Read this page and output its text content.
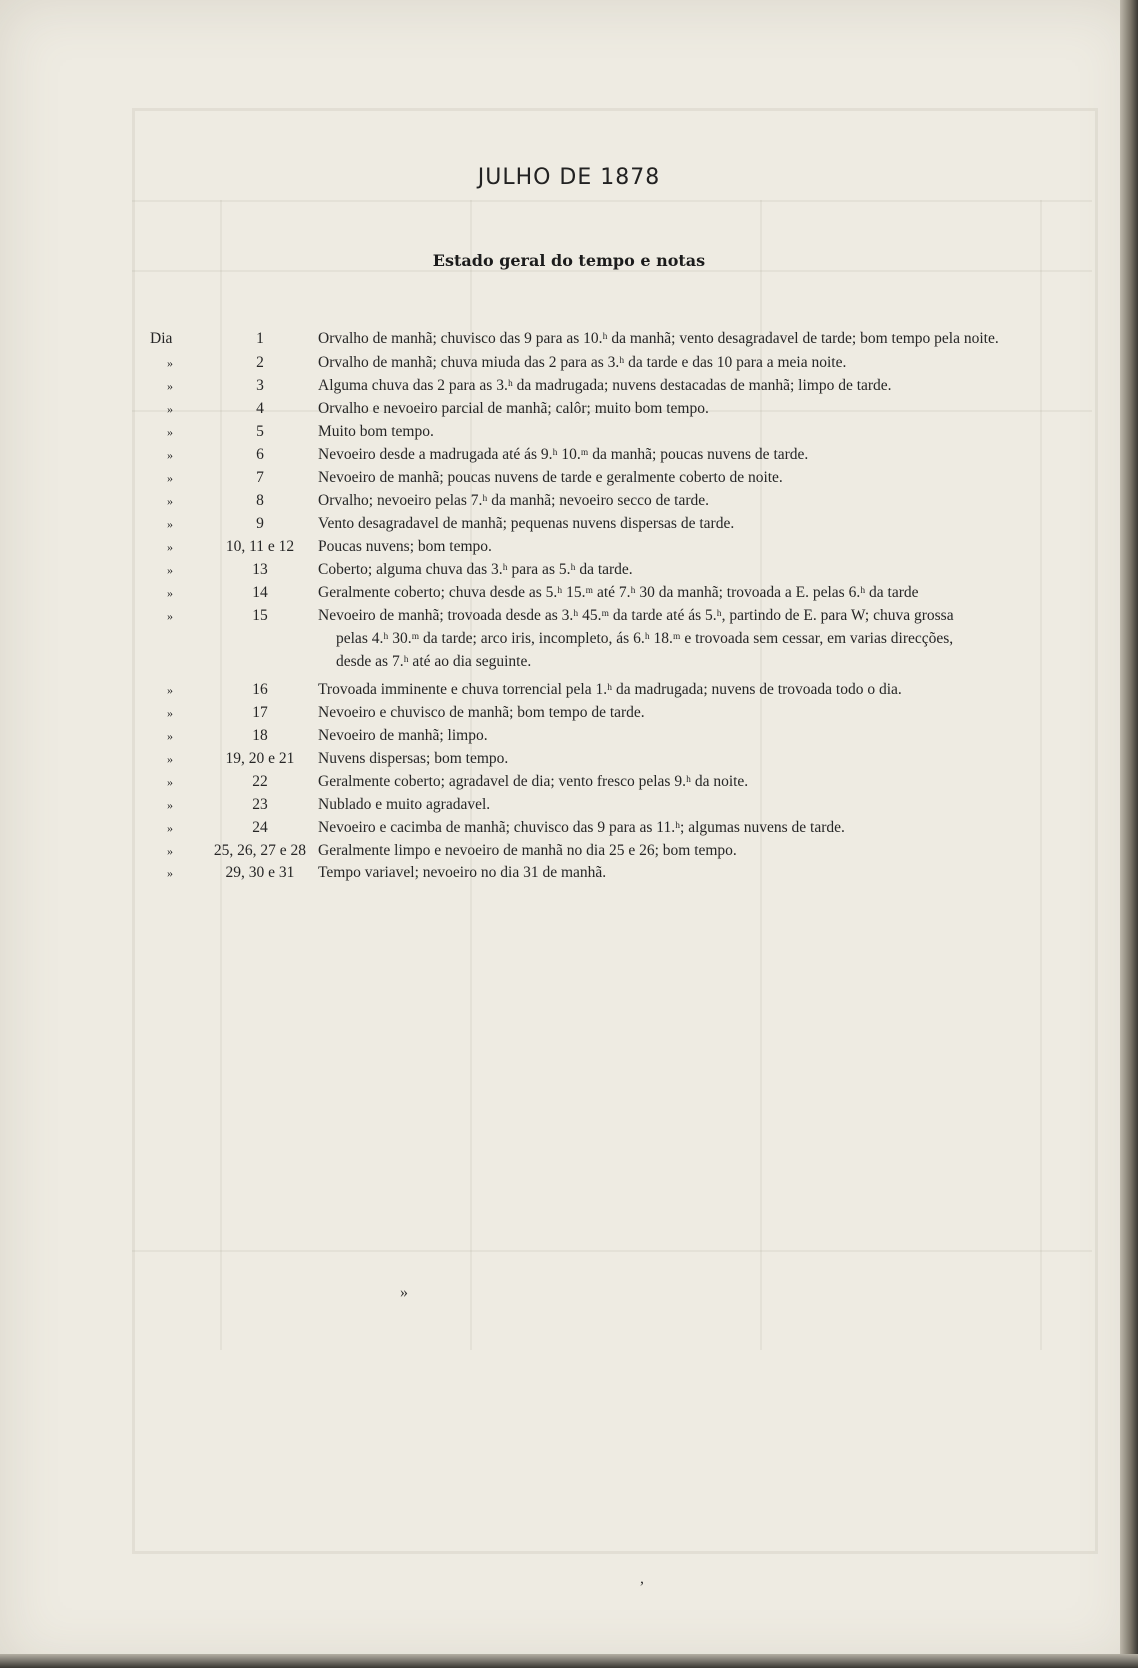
JULHO DE 1878
Estado geral do tempo e notas
Dia	1	Orvalho de manhã; chuvisco das 9 para as 10.ʰ da manhã; vento desagradavel de tarde; bom tempo pela noite.
»	2	Orvalho de manhã; chuva miuda das 2 para as 3.ʰ da tarde e das 10 para a meia noite.
»	3	Alguma chuva das 2 para as 3.ʰ da madrugada; nuvens destacadas de manhã; limpo de tarde.
»	4	Orvalho e nevoeiro parcial de manhã; calôr; muito bom tempo.
»	5	Muito bom tempo.
»	6	Nevoeiro desde a madrugada até ás 9.ʰ 10.ᵐ da manhã; poucas nuvens de tarde.
»	7	Nevoeiro de manhã; poucas nuvens de tarde e geralmente coberto de noite.
»	8	Orvalho; nevoeiro pelas 7.ʰ da manhã; nevoeiro secco de tarde.
»	9	Vento desagradavel de manhã; pequenas nuvens dispersas de tarde.
»	10, 11 e 12	Poucas nuvens; bom tempo.
»	13	Coberto; alguma chuva das 3.ʰ para as 5.ʰ da tarde.
»	14	Geralmente coberto; chuva desde as 5.ʰ 15.ᵐ até 7.ʰ 30 da manhã; trovoada a E. pelas 6.ʰ da tarde
»	15	Nevoeiro de manhã; trovoada desde as 3.ʰ 45.ᵐ da tarde até ás 5.ʰ, partindo de E. para W; chuva grossa
pelas 4.ʰ 30.ᵐ da tarde; arco iris, incompleto, ás 6.ʰ 18.ᵐ e trovoada sem cessar, em varias direcções,
desde as 7.ʰ até ao dia seguinte.
»	16	Trovoada imminente e chuva torrencial pela 1.ʰ da madrugada; nuvens de trovoada todo o dia.
»	17	Nevoeiro e chuvisco de manhã; bom tempo de tarde.
»	18	Nevoeiro de manhã; limpo.
»	19, 20 e 21	Nuvens dispersas; bom tempo.
»	22	Geralmente coberto; agradavel de dia; vento fresco pelas 9.ʰ da noite.
»	23	Nublado e muito agradavel.
»	24	Nevoeiro e cacimba de manhã; chuvisco das 9 para as 11.ʰ; algumas nuvens de tarde.
»	25, 26, 27 e 28 Geralmente limpo e nevoeiro de manhã no dia 25 e 26; bom tempo.
»	29, 30 e 31	Tempo variavel; nevoeiro no dia 31 de manhã.
»
,
